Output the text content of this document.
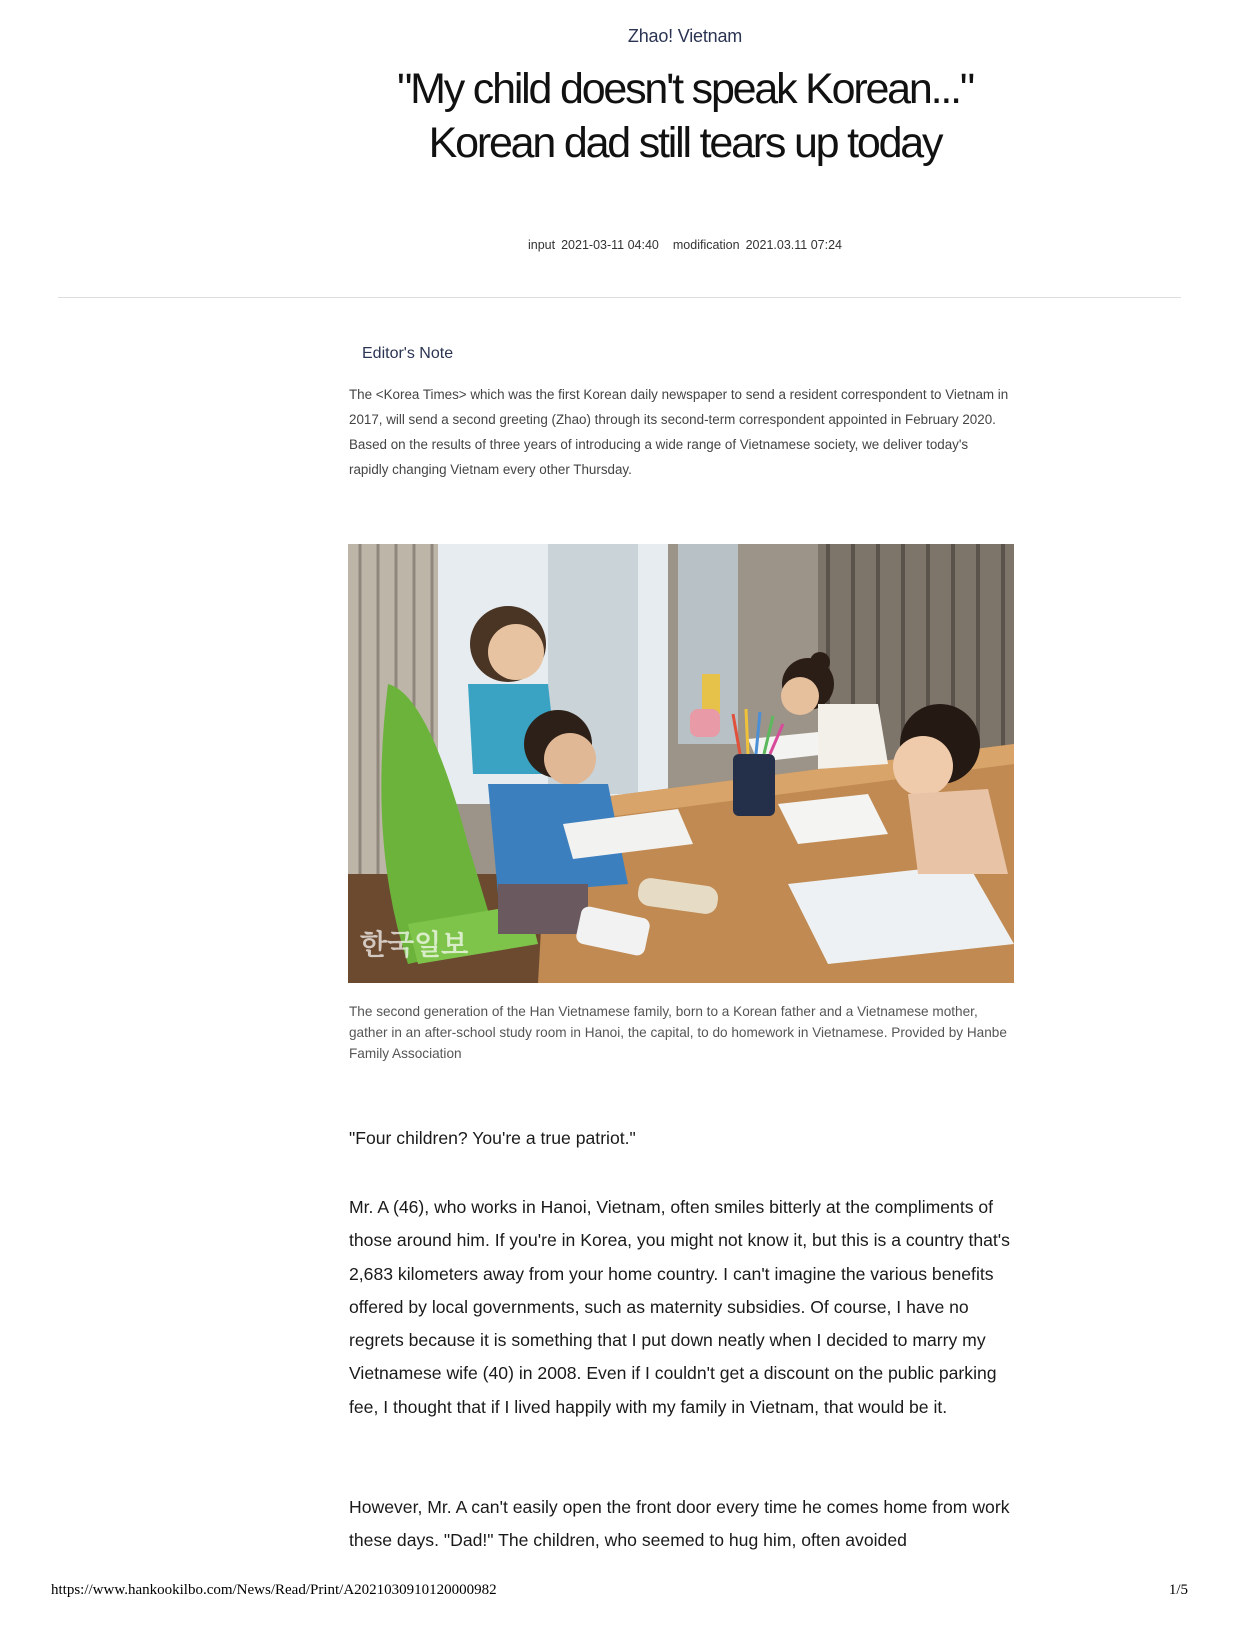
Zhao! Vietnam
"My child doesn't speak Korean..." Korean dad still tears up today
input 2021-03-11 04:40 modification 2021.03.11 07:24
Editor's Note

The <Korea Times> which was the first Korean daily newspaper to send a resident correspondent to Vietnam in 2017, will send a second greeting (Zhao) through its second-term correspondent appointed in February 2020. Based on the results of three years of introducing a wide range of Vietnamese society, we deliver today's rapidly changing Vietnam every other Thursday.

한국일보

The second generation of the Han Vietnamese family, born to a Korean father and a Vietnamese mother, gather in an after-school study room in Hanoi, the capital, to do homework in Vietnamese. Provided by Hanbe Family Association

"Four children? You're a true patriot."

Mr. A (46), who works in Hanoi, Vietnam, often smiles bitterly at the compliments of those around him. If you're in Korea, you might not know it, but this is a country that's 2,683 kilometers away from your home country. I can't imagine the various benefits offered by local governments, such as maternity subsidies. Of course, I have no regrets because it is something that I put down neatly when I decided to marry my Vietnamese wife (40) in 2008. Even if I couldn't get a discount on the public parking fee, I thought that if I lived happily with my family in Vietnam, that would be it.

However, Mr. A can't easily open the front door every time he comes home from work these days. "Dad!" The children, who seemed to hug him, often avoided

https://www.hankookilbo.com/News/Read/Print/A2021030910120000982	1/5
